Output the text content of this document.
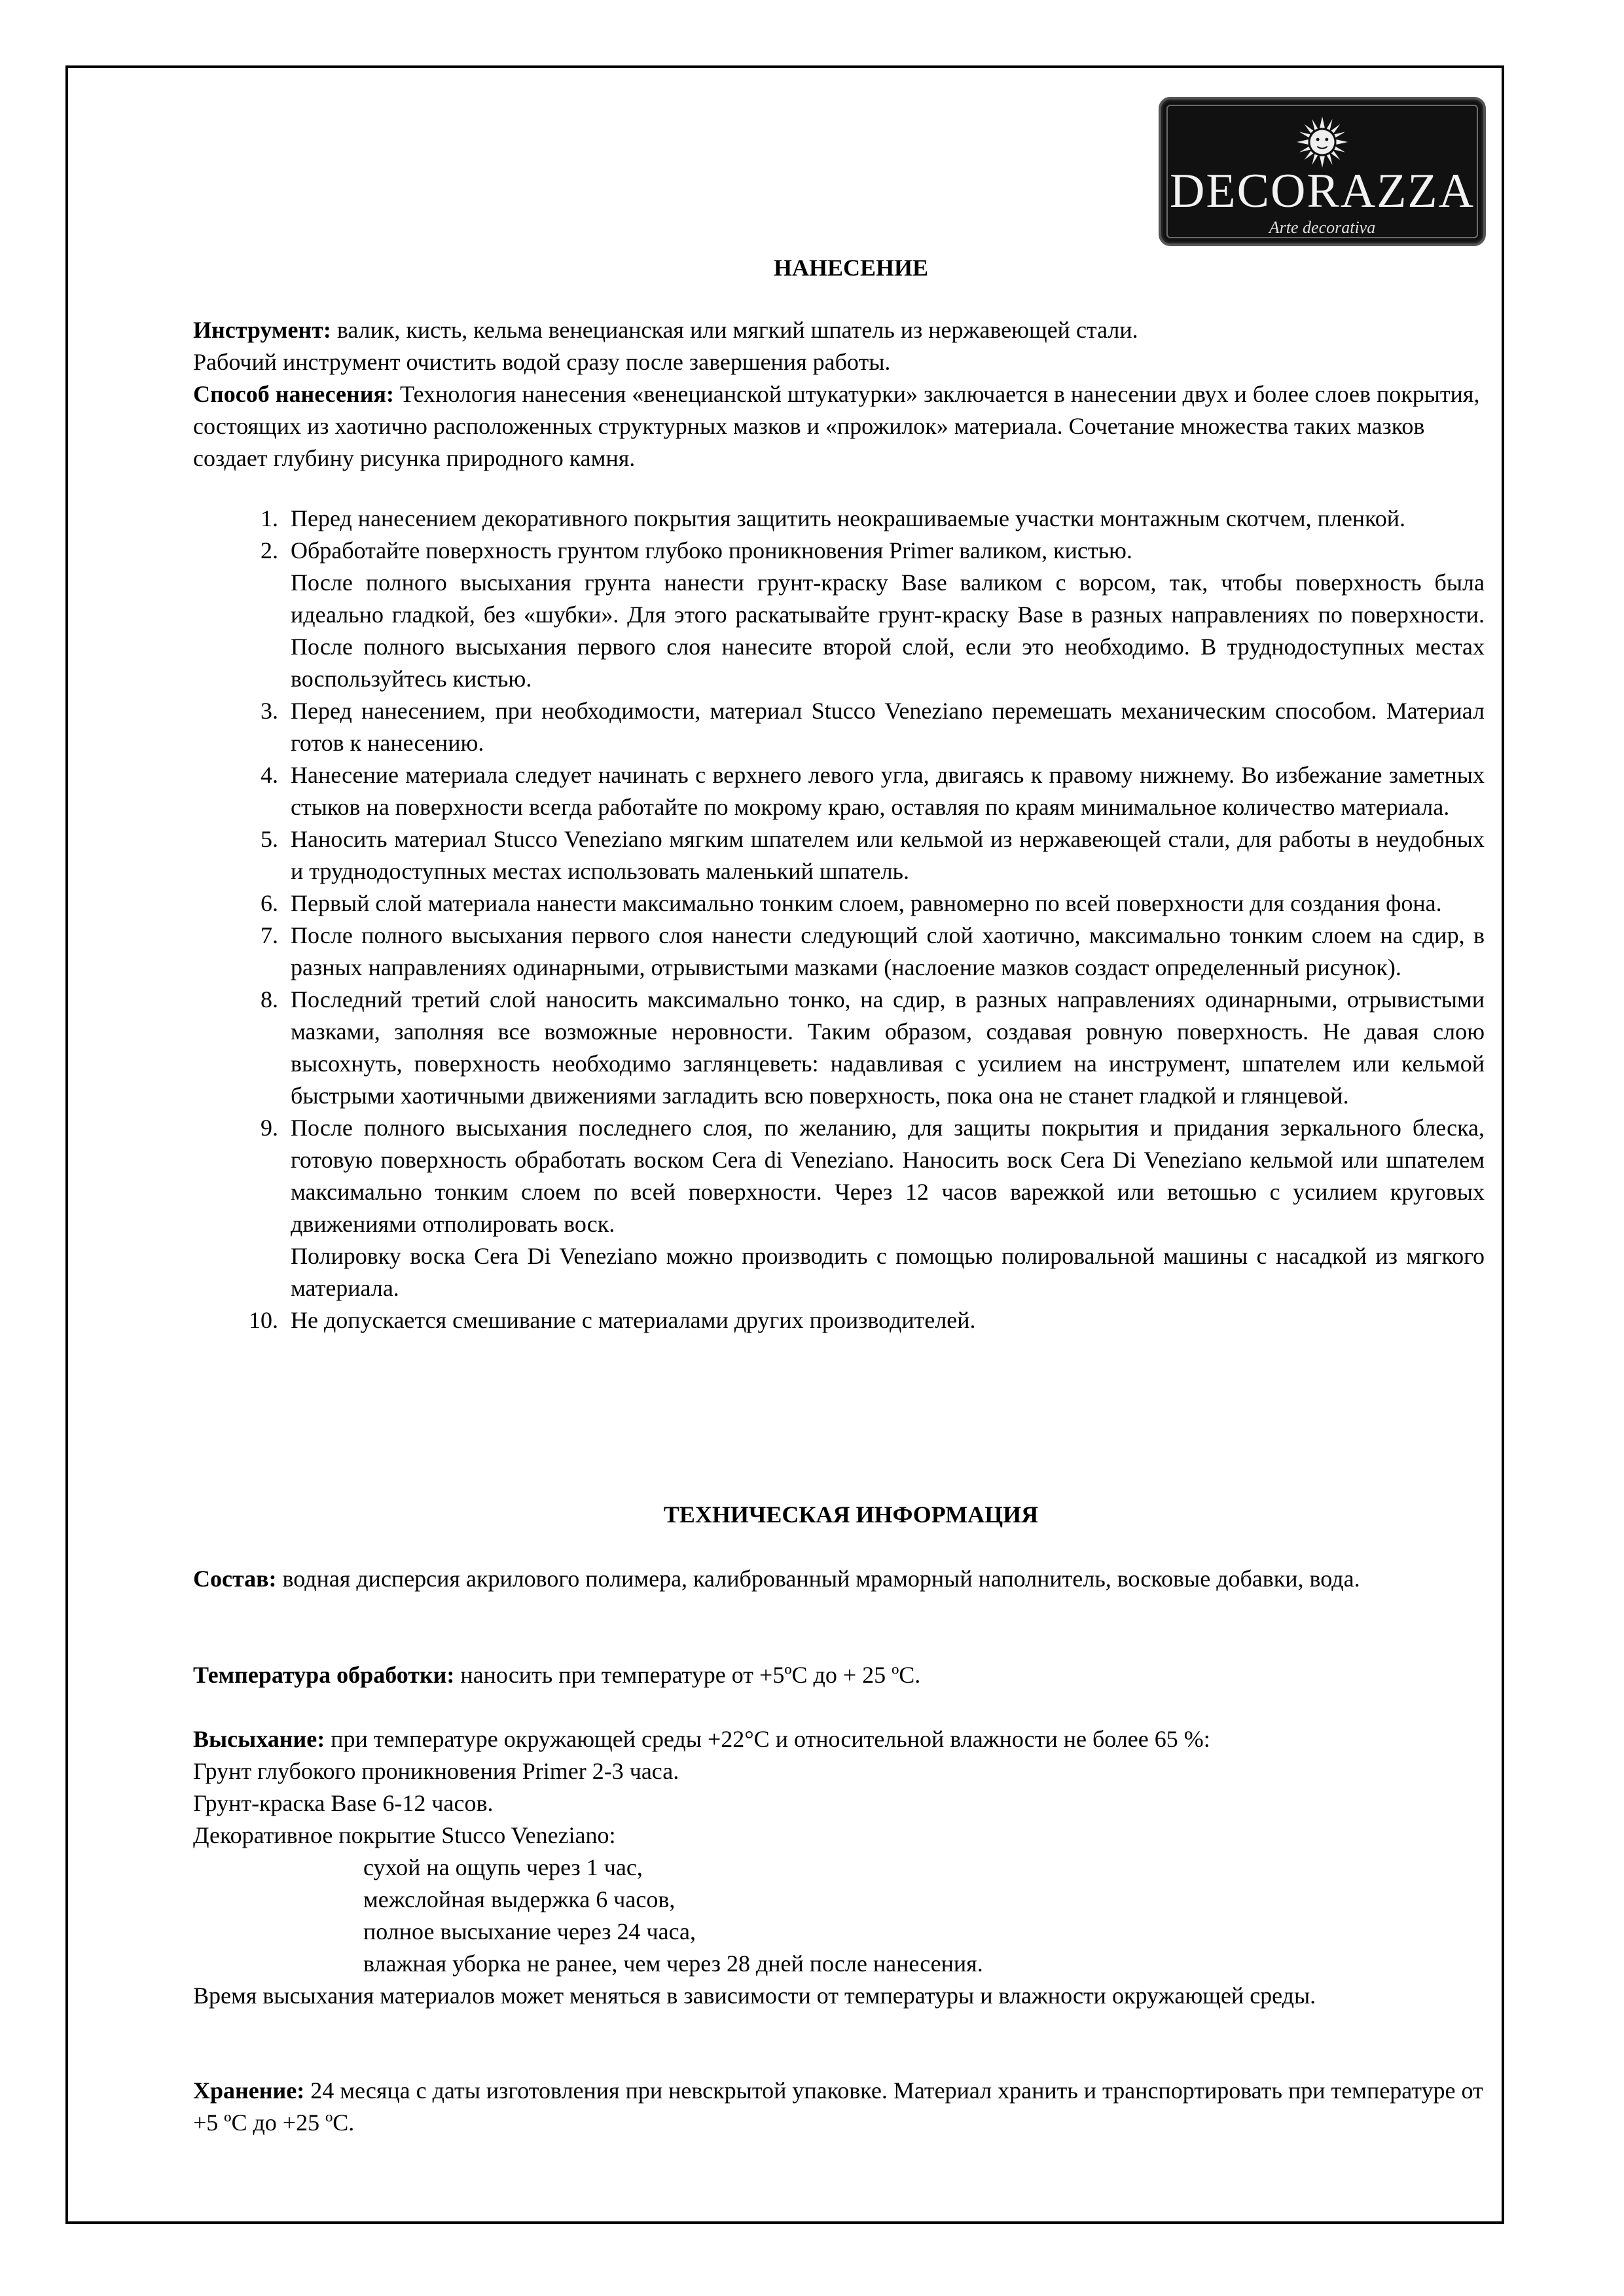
DECORAZZA
Arte decorativa
НАНЕСЕНИЕ

Инструмент: валик, кисть, кельма венецианская или мягкий шпатель из нержавеющей стали.

Рабочий инструмент очистить водой сразу после завершения работы.

Способ нанесения: Технология нанесения «венецианской штукатурки» заключается в нанесении двух и более слоев покрытия, состоящих из хаотично расположенных структурных мазков и «прожилок» материала. Сочетание множества таких мазков создает глубину рисунка природного камня.

1. Перед нанесением декоративного покрытия защитить неокрашиваемые участки монтажным скотчем, пленкой.
2. Обработайте поверхность грунтом глубоко проникновения Primer валиком, кистью.
После полного высыхания грунта нанести грунт-краску Base валиком с ворсом, так, чтобы поверхность была идеально гладкой, без «шубки». Для этого раскатывайте грунт-краску Base в разных направлениях по поверхности. После полного высыхания первого слоя нанесите второй слой, если это необходимо. В труднодоступных местах воспользуйтесь кистью.
3. Перед нанесением, при необходимости, материал Stucco Veneziano перемешать механическим способом. Материал готов к нанесению.
4. Нанесение материала следует начинать с верхнего левого угла, двигаясь к правому нижнему. Во избежание заметных стыков на поверхности всегда работайте по мокрому краю, оставляя по краям минимальное количество материала.
5. Наносить материал Stucco Veneziano мягким шпателем или кельмой из нержавеющей стали, для работы в неудобных и труднодоступных местах использовать маленький шпатель.
6. Первый слой материала нанести максимально тонким слоем, равномерно по всей поверхности для создания фона.
7. После полного высыхания первого слоя нанести следующий слой хаотично, максимально тонким слоем на сдир, в разных направлениях одинарными, отрывистыми мазками (наслоение мазков создаст определенный рисунок).
8. Последний третий слой наносить максимально тонко, на сдир, в разных направлениях одинарными, отрывистыми мазками, заполняя все возможные неровности. Таким образом, создавая ровную поверхность. Не давая слою высохнуть, поверхность необходимо заглянцеветь: надавливая с усилием на инструмент, шпателем или кельмой быстрыми хаотичными движениями загладить всю поверхность, пока она не станет гладкой и глянцевой.
9. После полного высыхания последнего слоя, по желанию, для защиты покрытия и придания зеркального блеска, готовую поверхность обработать воском Cera di Veneziano. Наносить воск Cera Di Veneziano кельмой или шпателем максимально тонким слоем по всей поверхности. Через 12 часов варежкой или ветошью с усилием круговых движениями отполировать воск.
Полировку воска Cera Di Veneziano можно производить с помощью полировальной машины с насадкой из мягкого материала.
10. Не допускается смешивание с материалами других производителей.
ТЕХНИЧЕСКАЯ ИНФОРМАЦИЯ

Состав: водная дисперсия акрилового полимера, калиброванный мраморный наполнитель, восковые добавки, вода.

Температура обработки: наносить при температуре от +5ºС до + 25 ºС.

Высыхание: при температуре окружающей среды +22°С и относительной влажности не более 65 %:

Грунт глубокого проникновения Primer 2-3 часа.

Грунт-краска Base 6-12 часов.

Декоративное покрытие Stucco Veneziano:

сухой на ощупь через 1 час,

межслойная выдержка 6 часов,

полное высыхание через 24 часа,

влажная уборка не ранее, чем через 28 дней после нанесения.

Время высыхания материалов может меняться в зависимости от температуры и влажности окружающей среды.

Хранение: 24 месяца с даты изготовления при невскрытой упаковке. Материал хранить и транспортировать при температуре от +5 ºС до +25 ºС.
